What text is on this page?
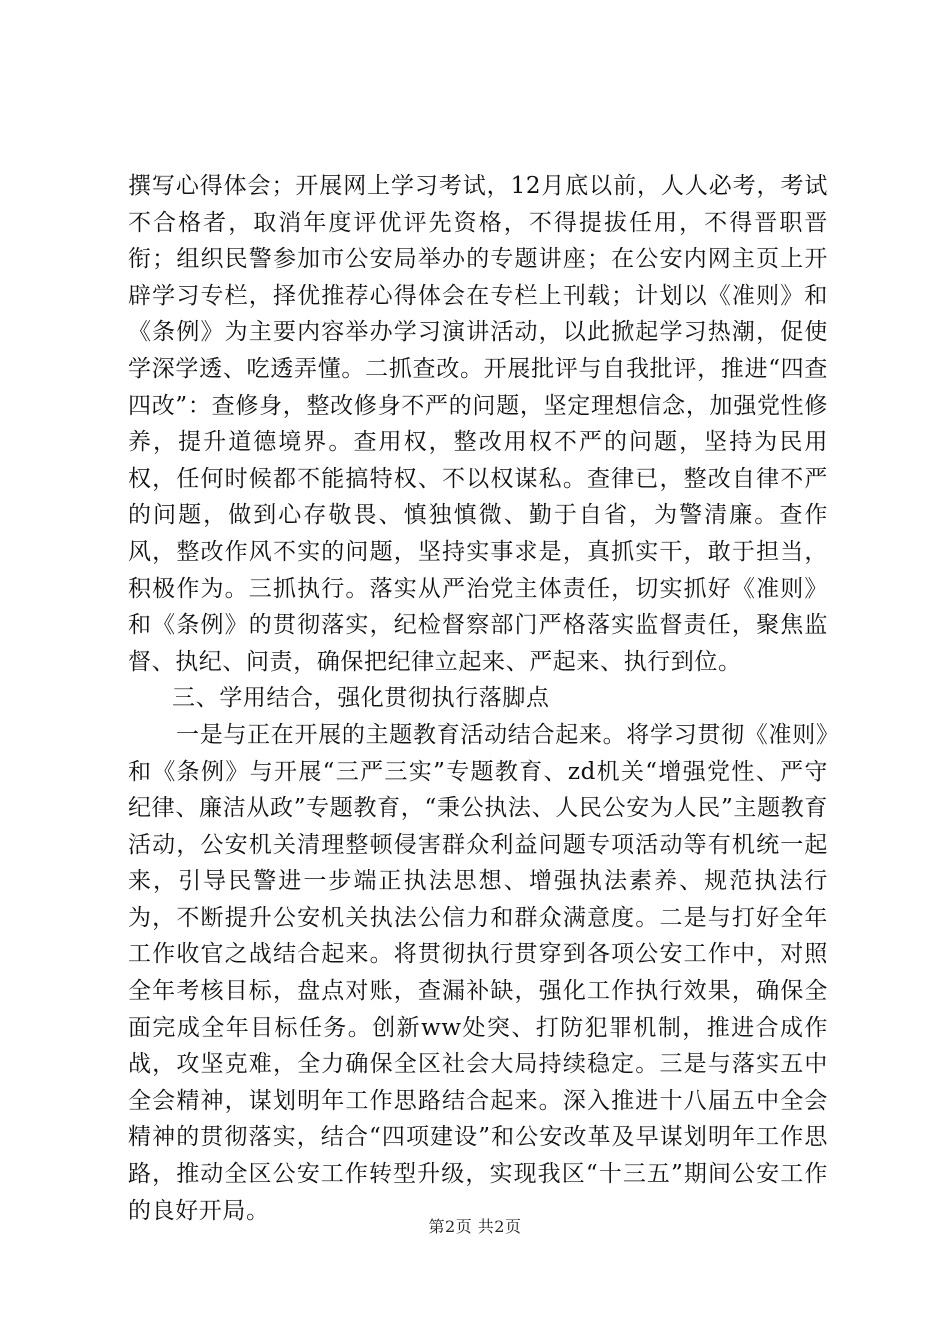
撰写心得体会；开展网上学习考试，12月底以前，人人必考，考试不合格者，取消年度评优评先资格，不得提拔任用，不得晋职晋衔；组织民警参加市公安局举办的专题讲座；在公安内网主页上开辟学习专栏，择优推荐心得体会在专栏上刊载；计划以《准则》和《条例》为主要内容举办学习演讲活动，以此掀起学习热潮，促使学深学透、吃透弄懂。二抓查改。开展批评与自我批评，推进“四查四改”：查修身，整改修身不严的问题，坚定理想信念，加强党性修养，提升道德境界。查用权，整改用权不严的问题，坚持为民用权，任何时候都不能搞特权、不以权谋私。查律已，整改自律不严的问题，做到心存敬畏、慎独慎微、勤于自省，为警清廉。查作风，整改作风不实的问题，坚持实事求是，真抓实干，敢于担当，积极作为。三抓执行。落实从严治党主体责任，切实抓好《准则》和《条例》的贯彻落实，纪检督察部门严格落实监督责任，聚焦监督、执纪、问责，确保把纪律立起来、严起来、执行到位。

三、学用结合，强化贯彻执行落脚点

一是与正在开展的主题教育活动结合起来。将学习贯彻《准则》和《条例》与开展“三严三实”专题教育、zd机关“增强党性、严守纪律、廉洁从政”专题教育，“秉公执法、人民公安为人民”主题教育活动，公安机关清理整顿侵害群众利益问题专项活动等有机统一起来，引导民警进一步端正执法思想、增强执法素养、规范执法行为，不断提升公安机关执法公信力和群众满意度。二是与打好全年工作收官之战结合起来。将贯彻执行贯穿到各项公安工作中，对照全年考核目标，盘点对账，查漏补缺，强化工作执行效果，确保全面完成全年目标任务。创新ww处突、打防犯罪机制，推进合成作战，攻坚克难，全力确保全区社会大局持续稳定。三是与落实五中全会精神，谋划明年工作思路结合起来。深入推进十八届五中全会精神的贯彻落实，结合“四项建设”和公安改革及早谋划明年工作思路，推动全区公安工作转型升级，实现我区“十三五”期间公安工作的良好开局。

第2页 共2页
